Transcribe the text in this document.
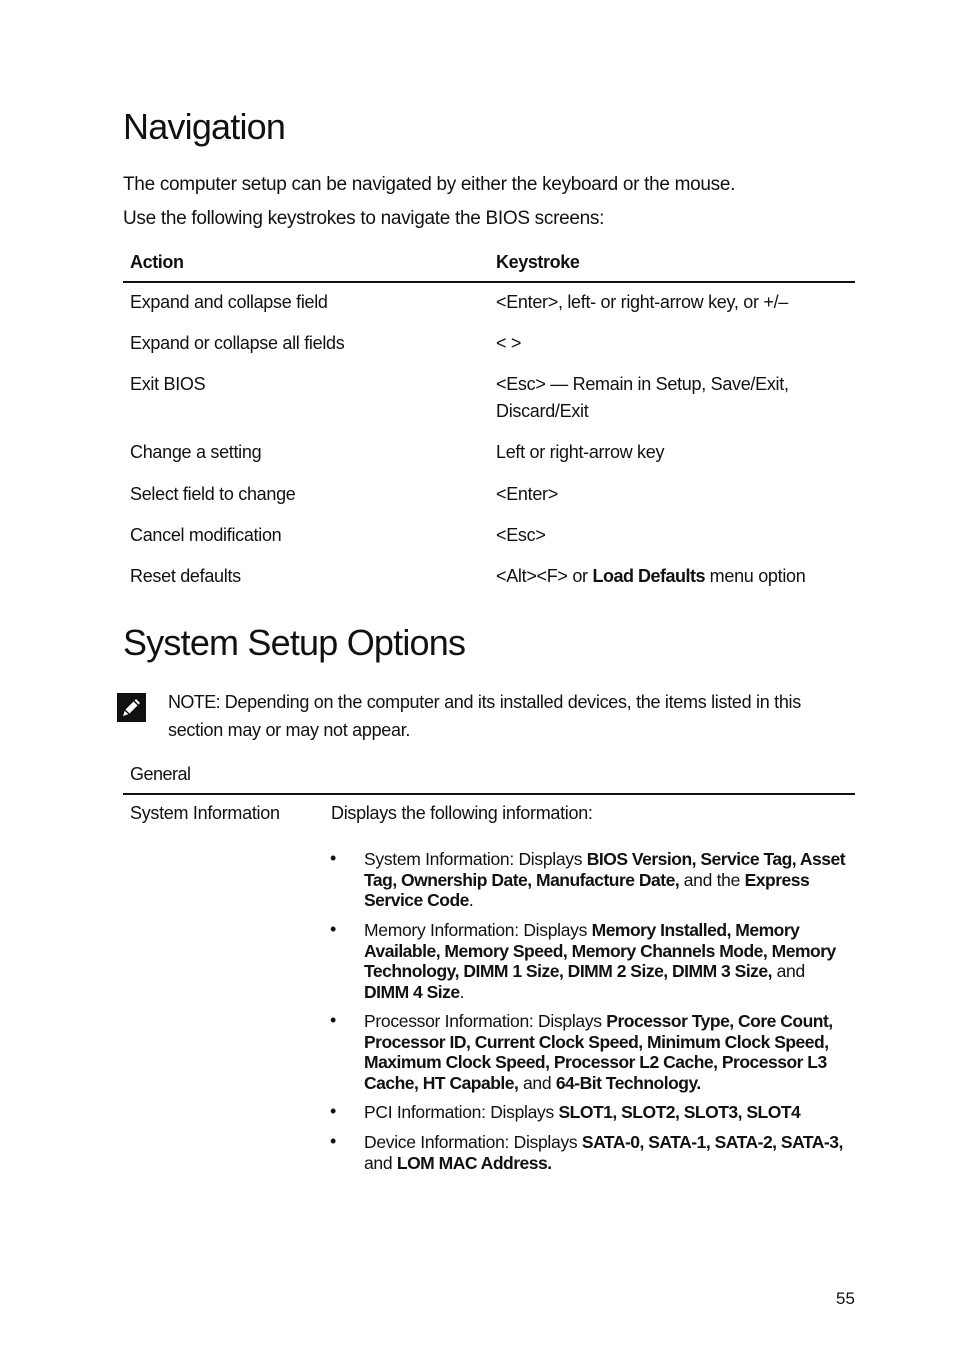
Navigation
The computer setup can be navigated by either the keyboard or the mouse.
Use the following keystrokes to navigate the BIOS screens:
Action	Keystroke
Expand and collapse field	<Enter>, left- or right-arrow key, or +/–
Expand or collapse all fields	< >
Exit BIOS	<Esc> — Remain in Setup, Save/Exit,
Discard/Exit
Change a setting	Left or right-arrow key
Select field to change	<Enter>
Cancel modification	<Esc>
Reset defaults	<Alt><F> or Load Defaults menu option
System Setup Options
NOTE: Depending on the computer and its installed devices, the items listed in this section may or may not appear.
General
System Information	Displays the following information:
• System Information: Displays BIOS Version, Service Tag, Asset Tag, Ownership Date, Manufacture Date, and the Express Service Code.
• Memory Information: Displays Memory Installed, Memory Available, Memory Speed, Memory Channels Mode, Memory Technology, DIMM 1 Size, DIMM 2 Size, DIMM 3 Size, and DIMM 4 Size.
• Processor Information: Displays Processor Type, Core Count, Processor ID, Current Clock Speed, Minimum Clock Speed, Maximum Clock Speed, Processor L2 Cache, Processor L3 Cache, HT Capable, and 64-Bit Technology.
• PCI Information: Displays SLOT1, SLOT2, SLOT3, SLOT4
• Device Information: Displays SATA-0, SATA-1, SATA-2, SATA-3, and LOM MAC Address.
55
